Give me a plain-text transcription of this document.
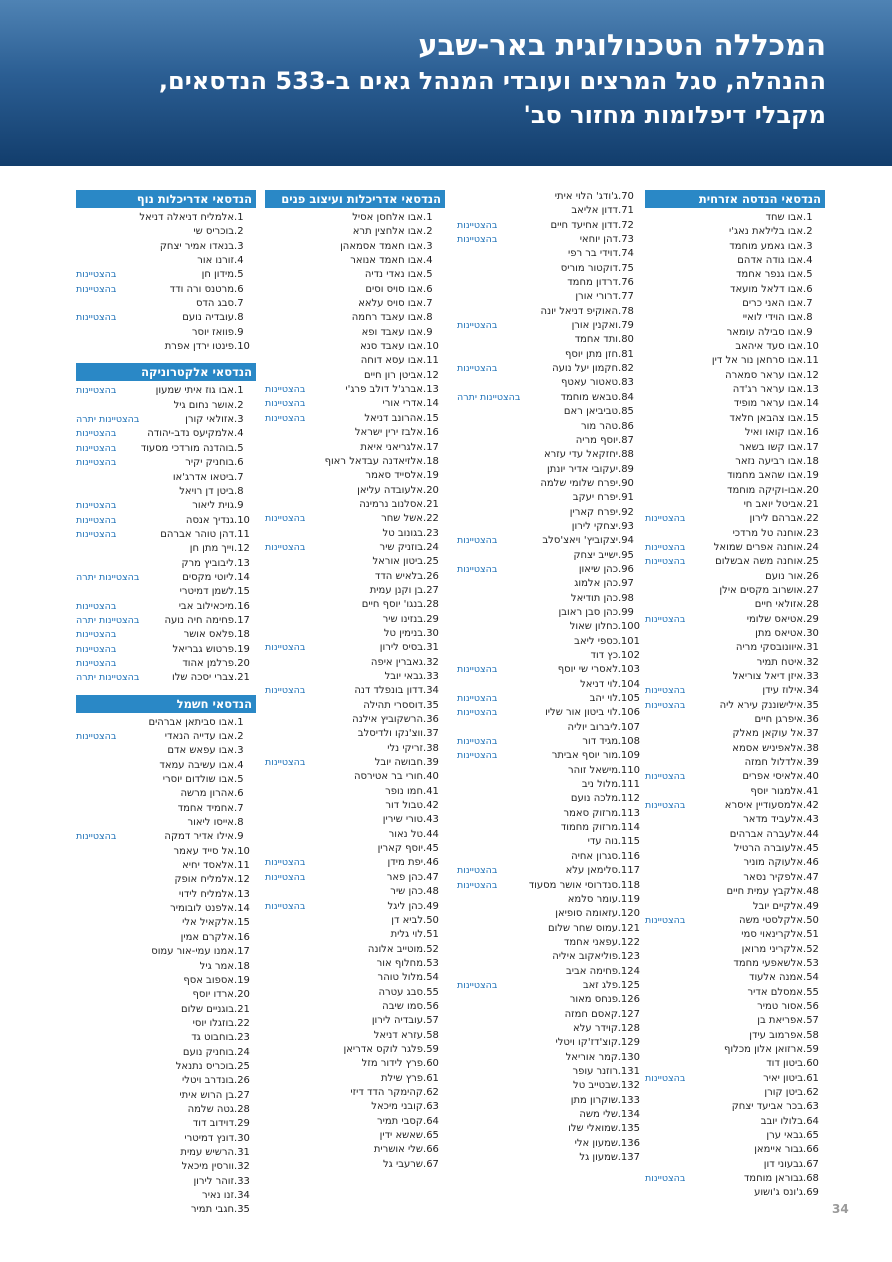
המכללה הטכנולוגית באר-שבע
ההנהלה, סגל המרצים ועובדי המנהל גאים ב-533 הנדסאים,
מקבלי דיפלומות מחזור סב'
הנדסאי הנדסה אזרחית
1.
אבו שחד
2.
אבו בלילאת נאג'י
3.
אבו גאמע מוחמד
4.
אבו גודה אדהם
5.
אבו גנפר אחמד
6.
אבו דלאל מועאד
7.
אבו האני כרים
8.
אבו הוידי לואיי
9.
אבו סבילה עומאר
10.
אבו סעד איהאב
11.
אבו סרחאן נור אל דין
12.
אבו עראר סמארה
13.
אבו עראר רג'דה
14.
אבו עראר מופיד
15.
אבו צהבאן חלאד
16.
אבו קואו ואיל
17.
אבו קשו בשאר
18.
אבו רביעה נזאר
19.
אבו שהאב מחמוד
20.
אבו-וקיקה מוחמד
21.
אביטל יואב חי
22.
אברהם לירון
בהצטיינות
23.
אוחנה טל מרדכי
24.
אוחנה אפרים שמואל
בהצטיינות
25.
אוחנה משה אבשלום
בהצטיינות
26.
אור נועם
27.
אושרוב מקסים אילן
28.
אזולאי חיים
29.
אטיאס שלומי
בהצטיינות
30.
אטיאס מתן
31.
איוונובסקי מריה
32.
איטח תמיר
33.
איזן דיאל צוריאל
34.
אילוז עידן
בהצטיינות
35.
אילישוננק עירא ליה
בהצטיינות
36.
איפרגן חיים
37.
אל עוקאן מאלק
38.
אלאפיניש אסמא
39.
אלדלול חמזה
40.
אלאיסי אפרים
בהצטיינות
41.
אלמגור יוסף
42.
אלמסעודיין איסרא
בהצטיינות
43.
אלעביד מדאר
44.
אלעברה אברהים
45.
אלעוברה הרטיל
46.
אלעוקה מוניר
47.
אלפקיר נסאר
48.
אלקבץ עמית חיים
49.
אלקיים יובל
50.
אלקלסטי משה
בהצטיינות
51.
אלקרינאוי סמי
52.
אלקריני מרואן
53.
אלשאפעי מחמד
54.
אמנה אלעוד
55.
אמסלם אדיר
56.
אסור טמיר
57.
אפריאת בן
58.
אפרמוב עידן
59.
ארזואן אלון מכלוף
60.
ביטון דוד
61.
ביטון יאיר
בהצטיינות
62.
ביטן קורן
63.
בכר אביעד יצחק
64.
בלולו יובב
65.
גבאי ערן
66.
גבור איימאן
67.
גבעוני דון
68.
גבוראן מוחמד
בהצטיינות
69.
ג'ונס ג'ושוע
70.
ג'ודג' הלוי איתי
71.
דדון אליאב
72.
דדון אחיעד חיים
בהצטיינות
73.
דהן יוחאי
בהצטיינות
74.
דוידי בר רפי
75.
דוקטור מוריס
76.
דרדון מחמד
77.
דרורי אורן
78.
האוקיפ דניאל יונה
79.
ואקנין אורן
בהצטיינות
80.
ותד אחמד
81.
חזן מתן יוסף
82.
חקמון יעל נועה
בהצטיינות
83.
טאטור עאטף
84.
טבאש מוחמד
בהצטיינות יתרה
85.
טביביאן ראם
86.
טהר מור
87.
יוסף מריה
88.
יחזקאל עדי עזרא
89.
יעקובי אדיר יונתן
90.
יפרח שלומי שלמה
91.
יפרח יעקב
92.
יפרח קארין
93.
יצחקי לירון
94.
יצקוביץ' ויאצ'סלב
בהצטיינות
95.
ישייב יצחק
96.
כהן שיאון
בהצטיינות
97.
כהן אלמוג
98.
כהן תודיאל
99.
כהן סבן ראובן
100.
כחלון שאול
101.
כספי ליאב
102.
כץ דוד
103.
לאסרי שי יוסף
בהצטיינות
104.
לוי דניאל
105.
לוי יהב
בהצטיינות
106.
לוי ביטון אור שליו
בהצטיינות
107.
ליברוב יוליה
108.
מגיד דור
בהצטיינות
109.
מור יוסף אביתר
בהצטיינות
110.
מישאל זוהר
111.
מלול ניב
112.
מלכה נועם
113.
מרזוק סאמר
114.
מרזוק מחמוד
115.
נוה עדי
116.
סגרון אחיה
117.
סלימאן עלא
בהצטיינות
118.
סנדרוסי אושר מסעוד
בהצטיינות
119.
עומר סלמא
120.
עזאומה סופיאן
121.
עמוס שחר שלום
122.
עפאני אחמד
123.
פוליאקוב איליה
124.
פחימה אביב
125.
פלג זאב
בהצטיינות
126.
פנחס מאור
127.
קאסם חמזה
128.
קוידר עלא
129.
קוצ'דז'קו ויטלי
130.
קמר אוריאל
131.
רוזנר עופר
132.
שבטייב טל
133.
שוקרון מתן
134.
שלי משה
135.
שמואלי שלו
136.
שמעון אלי
137.
שמעון גל
הנדסאי אדריכלות ועיצוב פנים
1.
אבו אלחסן אסיל
2.
אבו אלחצין תרא
3.
אבו חאמד אסמאהן
4.
אבו חאמד אנואר
5.
אבו נאדי נדיה
6.
אבו סויס וסים
7.
אבו סויס עלאא
8.
אבו עאבד רחמה
9.
אבו עאבד ופא
10.
אבו עאבד סנא
11.
אבו עסא דוחה
12.
אביטן רון חיים
13.
אברג'ל דולב פרג'י
בהצטיינות
14.
אדרי אורי
בהצטיינות
15.
אהרונב דניאל
בהצטיינות
16.
אלבז ירין ישראל
17.
אלגריאני איאת
18.
אלזיאדנה עבדאל ראוף
19.
אלסייד סאמר
20.
אלעובדה עליאן
21.
אסלנוב נרמינה
22.
אשל שחר
בהצטיינות
23.
בגונוב טל
24.
בוזניק שיר
בהצטיינות
25.
ביטון אוראל
26.
בלאיש הדד
27.
בן וקנן עמית
28.
בנגו' יוסף חיים
29.
בנזינו שיר
30.
בנימין טל
31.
בסיס לירון
בהצטיינות
32.
גאברין איפה
33.
גבאי יובל
34.
דדון בונפלד דנה
בהצטיינות
35.
דוססרי תהילה
36.
הרשקוביץ אילנה
37.
ווצ'נקו ולדיסלב
38.
זריקי נלי
39.
חבושה יובל
בהצטיינות
40.
חורי בר אטירסה
41.
חמו נופר
42.
טבול דור
43.
טורי שירין
44.
טל נאור
45.
יוסף קארין
46.
יפת מידן
בהצטיינות
47.
כהן פאר
בהצטיינות
48.
כהן שיר
49.
כהן ליגל
בהצטיינות
50.
לביא דן
51.
לוי גלית
52.
מוטייב אלונה
53.
מחלוף אור
54.
מלול טוהר
55.
סבג עטרה
56.
סמו שיבה
57.
עובדיה לירון
58.
עזרא דניאל
59.
פלגר לוקס אדריאן
60.
פרץ לידור מזל
61.
פרץ שילת
62.
קהימקר הדד דיזי
63.
קובני מיכאל
64.
קסבי תמיר
65.
שאשא ידין
66.
שלי אושרית
67.
שרעבי גל
הנדסאי אדריכלות נוף
1.
אלמליח דניאלה דניאל
2.
בוכריס שי
3.
בנאדו אמיר יצחק
4.
זורנו אור
5.
מידון חן
בהצטיינות
6.
מרטנס ורה ודד
בהצטיינות
7.
סבג הדס
8.
עובדיה נועם
בהצטיינות
9.
פוואז יוסר
10.
פינטו ירדן אפרת
הנדסאי אלקטרוניקה
1.
אבו גוז איתי שמעון
בהצטיינות
2.
אושר נחום גיל
3.
אזולאי קורן
בהצטיינות יתרה
4.
אלמקיעס נדב-יהודה
בהצטיינות
5.
בוהדנה מורדכי מסעוד
בהצטיינות
6.
בוחניק יקיר
בהצטיינות
7.
ביטאו אדרג'או
8.
ביטן דן רויאל
9.
גוית ליאור
בהצטיינות
10.
גנדיך אנסה
בהצטיינות
11.
דהן טוהר אברהם
בהצטיינות
12.
וייך מתן חן
13.
ליבוביץ מרק
14.
ליוטי מקסים
בהצטיינות יתרה
15.
לשמן דמיטרי
16.
מיכאילוב אבי
בהצטיינות
17.
פחימה חיה נועה
בהצטיינות יתרה
18.
פלאס אושר
בהצטיינות
19.
פרטוש גבריאל
בהצטיינות
20.
פרלמן אהוד
בהצטיינות
21.
צברי יסכה שלו
בהצטיינות יתרה
הנדסאי חשמל
1.
אבו סביתאן אברהים
2.
אבו עדייה הנאדי
בהצטיינות
3.
אבו עפאש אדם
4.
אבו עשיבה עמאד
5.
אבו שולדום יוסרי
6.
אהרון מרשה
7.
אחמיד אחמד
8.
אייסו ליאור
9.
אילו אדיר דמקה
בהצטיינות
10.
אל סייד עאמר
11.
אלאסד יחיא
12.
אלמליח אופק
13.
אלמליח לידוי
14.
אלפנט לובומיר
15.
אלקאיל אלי
16.
אלקרם אמין
17.
אמנו עמי-אור עמוס
18.
אמר גיל
19.
אספוב אסף
20.
ארדו יוסף
21.
בוגניים שלום
22.
בוזגלו יוסי
23.
בוחבוט גד
24.
בוחניק נועם
25.
בוכריס נתנאל
26.
בונדרב ויטלי
27.
בן הרוש איתי
28.
גטה שלמה
29.
דוידוב דוד
30.
דונץ דמיטרי
31.
הרשיש עמית
32.
וורסין מיכאל
33.
זוהר לירון
34.
זנו נאיר
35.
חגבי תמיר	34
